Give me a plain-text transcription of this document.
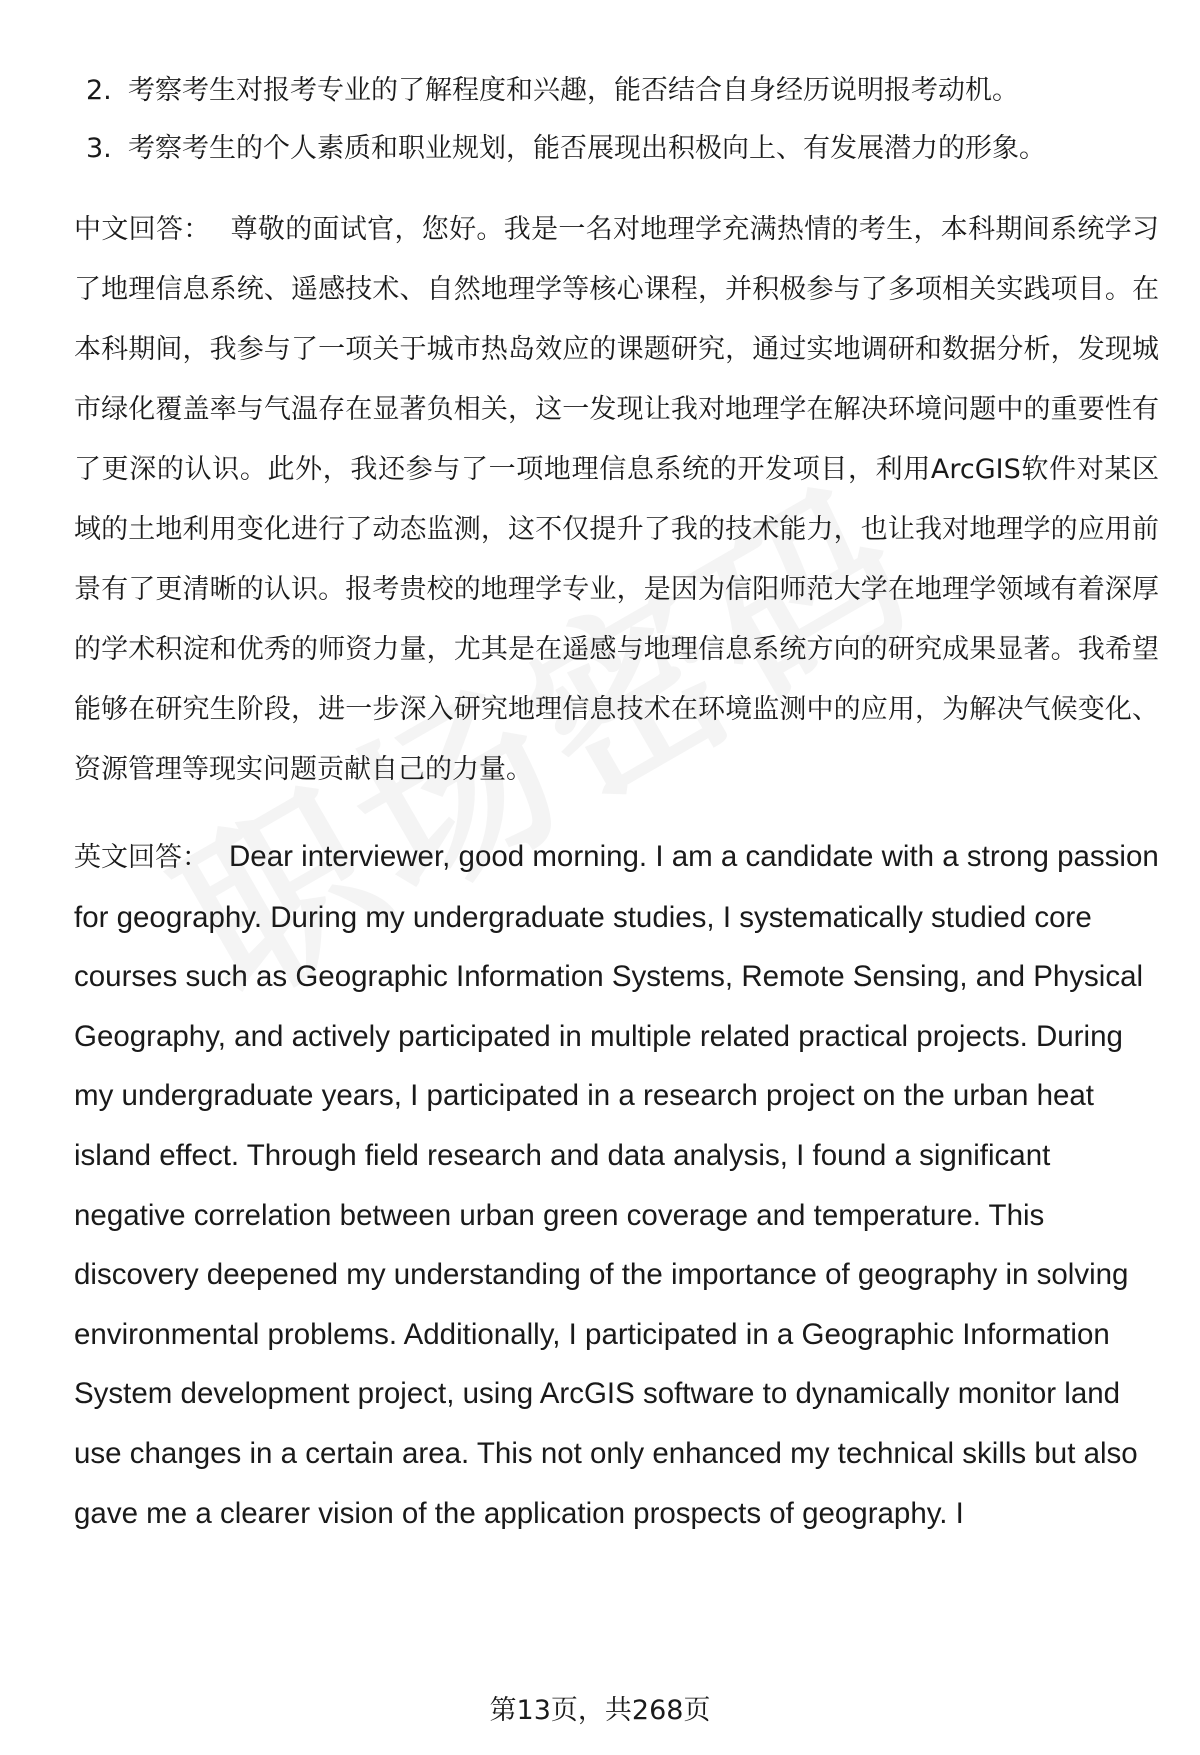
2. 考察考生对报考专业的了解程度和兴趣，能否结合自身经历说明报考动机。
3. 考察考生的个人素质和职业规划，能否展现出积极向上、有发展潜力的形象。

中文回答： 尊敬的面试官，您好。我是一名对地理学充满热情的考生，本科期间系统学习了地理信息系统、遥感技术、自然地理学等核心课程，并积极参与了多项相关实践项目。在本科期间，我参与了一项关于城市热岛效应的课题研究，通过实地调研和数据分析，发现城市绿化覆盖率与气温存在显著负相关，这一发现让我对地理学在解决环境问题中的重要性有了更深的认识。此外，我还参与了一项地理信息系统的开发项目，利用ArcGIS软件对某区域的土地利用变化进行了动态监测，这不仅提升了我的技术能力，也让我对地理学的应用前景有了更清晰的认识。报考贵校的地理学专业，是因为信阳师范大学在地理学领域有着深厚的学术积淀和优秀的师资力量，尤其是在遥感与地理信息系统方向的研究成果显著。我希望能够在研究生阶段，进一步深入研究地理信息技术在环境监测中的应用，为解决气候变化、资源管理等现实问题贡献自己的力量。

英文回答： Dear interviewer, good morning. I am a candidate with a strong passion for geography. During my undergraduate studies, I systematically studied core courses such as Geographic Information Systems, Remote Sensing, and Physical Geography, and actively participated in multiple related practical projects. During my undergraduate years, I participated in a research project on the urban heat island effect. Through field research and data analysis, I found a significant negative correlation between urban green coverage and temperature. This discovery deepened my understanding of the importance of geography in solving environmental problems. Additionally, I participated in a Geographic Information System development project, using ArcGIS software to dynamically monitor land use changes in a certain area. This not only enhanced my technical skills but also gave me a clearer vision of the application prospects of geography. I

第13页，共268页
